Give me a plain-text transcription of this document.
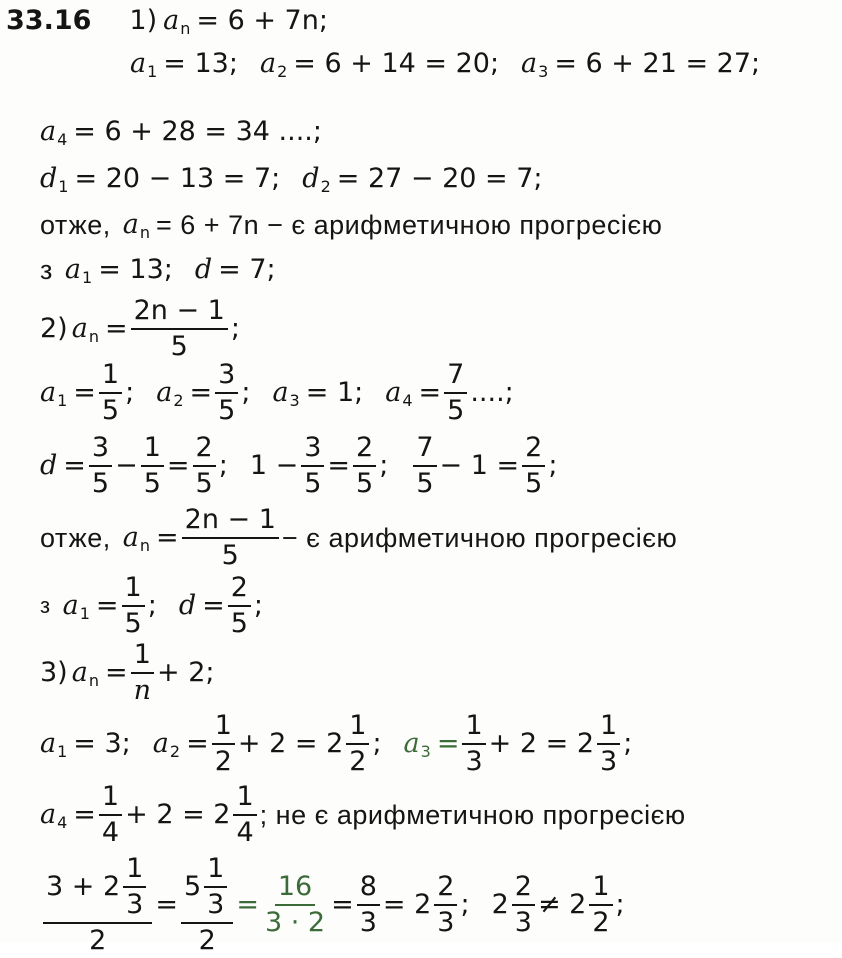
33.16 1) a n = 6 + 7n;
a 1 = 13; a 2 = 6 + 14 = 20; a 3 = 6 + 21 = 27;
a 4 = 6 + 28 = 34 ....;
d 1 = 20 − 13 = 7; d 2 = 27 − 20 = 7;
отже, a n = 6 + 7n − є арифметичною прогресією
з a 1 = 13; d = 7;
2) a $n = \frac{2n - 1}{5}$ ;
a $1 = \frac{1}{5}$ ; a $2 = \frac{3}{5}$ ; a 3 = 1; a $4 = \frac{7}{5}$ ....;
$d = \frac{3}{5} - \frac{1}{5} = \frac{2}{5}$ ; $1 - \frac{3}{5} = \frac{2}{5}$ ; $\frac{7}{5} - 1 = \frac{2}{5}$ ;
отже, a $n = \frac{2n - 1}{5} - є$ арифметичною прогресією
з a $1 = \frac{1}{5}$ ; $d = \frac{2}{5}$ ;
3) a $n = \frac{1}{n} + 2$;
a 1 = 3; a $2 = \frac{1}{2} + 2 = 2 \frac{1}{2}$ ; a $3 = \frac{1}{3} + 2 = 2 \frac{1}{3}$ ;
a $4 = \frac{1}{4} + 2 = 2 \frac{1}{4}$ ; не є арифметичною прогресією
$\frac{3 + 2 \frac{1}{3}}{2} = \frac{5 \frac{1}{3}}{2} = \frac{16}{3 \cdot 2} = \frac{8}{3} = 2 \frac{2}{3}$ ; $2 \frac{2}{3} \ne 2 \frac{1}{2}$ ;
